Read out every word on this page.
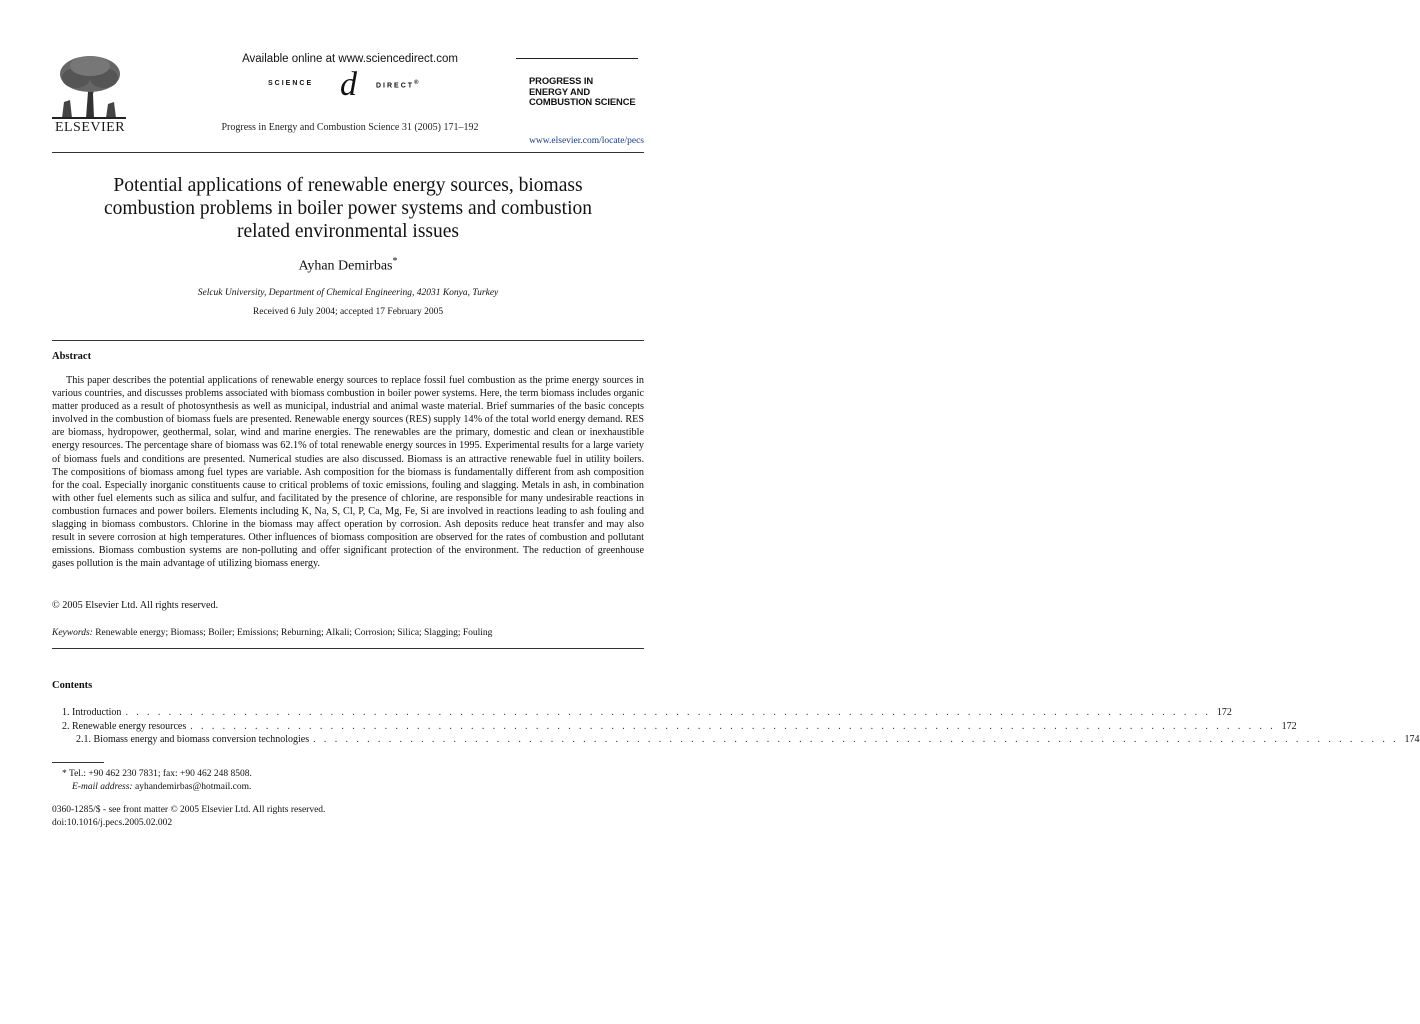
ELSEVIER
Available online at www.sciencedirect.com
SCIENCE d	DIRECT®
Progress in Energy and Combustion Science 31 (2005) 171–192
PROGRESS IN
ENERGY AND
COMBUSTION SCIENCE
www.elsevier.com/locate/pecs
Potential applications of renewable energy sources, biomass
combustion problems in boiler power systems and combustion
related environmental issues
Ayhan Demirbas*
Selcuk University, Department of Chemical Engineering, 42031 Konya, Turkey
Received 6 July 2004; accepted 17 February 2005
Abstract

This paper describes the potential applications of renewable energy sources to replace fossil fuel combustion as the prime energy sources in various countries, and discusses problems associated with biomass combustion in boiler power systems. Here, the term biomass includes organic matter produced as a result of photosynthesis as well as municipal, industrial and animal waste material. Brief summaries of the basic concepts involved in the combustion of biomass fuels are presented. Renewable energy sources (RES) supply 14% of the total world energy demand. RES are biomass, hydropower, geothermal, solar, wind and marine energies. The renewables are the primary, domestic and clean or inexhaustible energy resources. The percentage share of biomass was 62.1% of total renewable energy sources in 1995. Experimental results for a large variety of biomass fuels and conditions are presented. Numerical studies are also discussed. Biomass is an attractive renewable fuel in utility boilers. The compositions of biomass among fuel types are variable. Ash composition for the biomass is fundamentally different from ash composition for the coal. Especially inorganic constituents cause to critical problems of toxic emissions, fouling and slagging. Metals in ash, in combination with other fuel elements such as silica and sulfur, and facilitated by the presence of chlorine, are responsible for many undesirable reactions in combustion furnaces and power boilers. Elements including K, Na, S, Cl, P, Ca, Mg, Fe, Si are involved in reactions leading to ash fouling and slagging in biomass combustors. Chlorine in the biomass may affect operation by corrosion. Ash deposits reduce heat transfer and may also result in severe corrosion at high temperatures. Other influences of biomass composition are observed for the rates of combustion and pollutant emissions. Biomass combustion systems are non-polluting and offer significant protection of the environment. The reduction of greenhouse gases pollution is the main advantage of utilizing biomass energy.

© 2005 Elsevier Ltd. All rights reserved.
Keywords: Renewable energy; Biomass; Boiler; Emissions; Reburning; Alkali; Corrosion; Silica; Slagging; Fouling
Contents
1. Introduction . . . . . . . . . . . . . . . . . . . . . . . . . . . . . . . . . . . . . . . . . . . . . . . . . . . . . . . . . . . . . . . . . . . . . . . . . . . . . . . . . . . . . . . . . . . . . . . . . . . . . 172
2. Renewable energy resources . . . . . . . . . . . . . . . . . . . . . . . . . . . . . . . . . . . . . . . . . . . . . . . . . . . . . . . . . . . . . . . . . . . . . . . . . . . . . . . . . . . . . . . . . . . . . . . . . . . . . 172
2.1. Biomass energy and biomass conversion technologies . . . . . . . . . . . . . . . . . . . . . . . . . . . . . . . . . . . . . . . . . . . . . . . . . . . . . . . . . . . . . . . . . . . . . . . . . . . . . . . . . . . . . . . . . . . . . . . . . . . . . 174
* Tel.: +90 462 230 7831; fax: +90 462 248 8508.
E-mail address: ayhandemirbas@hotmail.com.
0360-1285/$ - see front matter © 2005 Elsevier Ltd. All rights reserved.
doi:10.1016/j.pecs.2005.02.002
